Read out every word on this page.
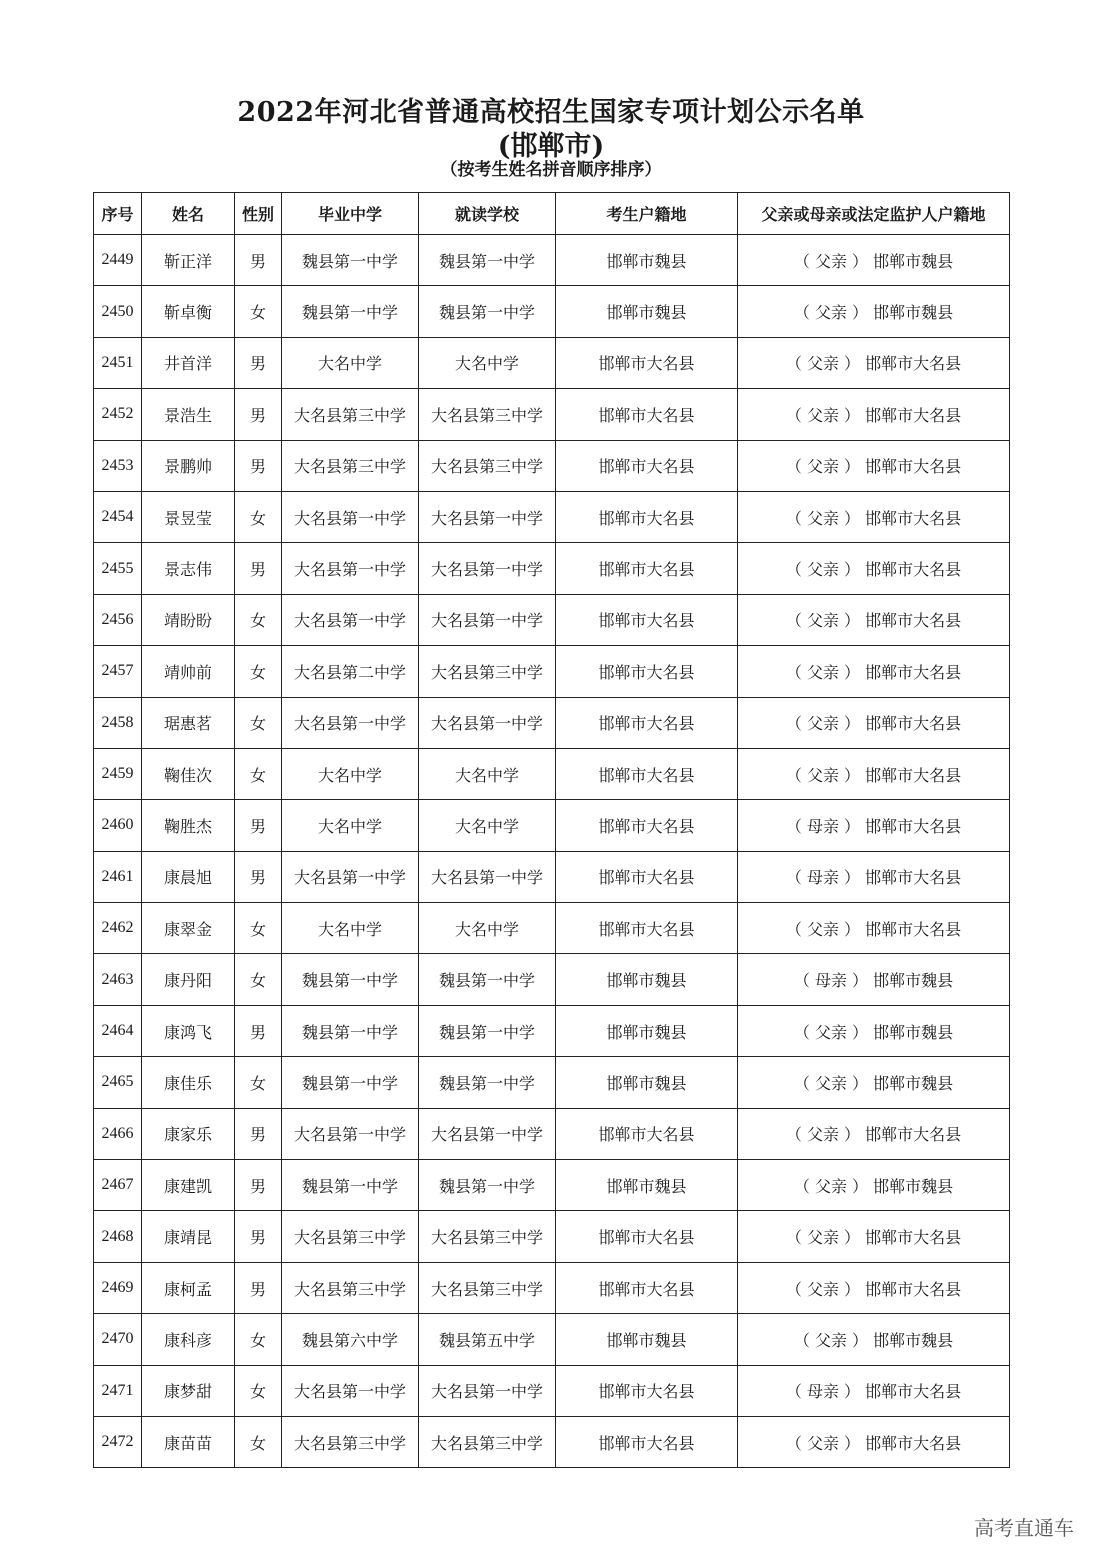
2022年河北省普通高校招生国家专项计划公示名单
(邯郸市)
（按考生姓名拼音顺序排序）
序号	姓名	性别	毕业中学	就读学校	考生户籍地	父亲或母亲或法定监护人户籍地
2449	靳正洋	男	魏县第一中学	魏县第一中学	邯郸市魏县	（ 父亲 ） 邯郸市魏县
2450	靳卓衡	女	魏县第一中学	魏县第一中学	邯郸市魏县	（ 父亲 ） 邯郸市魏县
2451	井首洋	男	大名中学	大名中学	邯郸市大名县	（ 父亲 ） 邯郸市大名县
2452	景浩生	男	大名县第三中学	大名县第三中学	邯郸市大名县	（ 父亲 ） 邯郸市大名县
2453	景鹏帅	男	大名县第三中学	大名县第三中学	邯郸市大名县	（ 父亲 ） 邯郸市大名县
2454	景昱莹	女	大名县第一中学	大名县第一中学	邯郸市大名县	（ 父亲 ） 邯郸市大名县
2455	景志伟	男	大名县第一中学	大名县第一中学	邯郸市大名县	（ 父亲 ） 邯郸市大名县
2456	靖盼盼	女	大名县第一中学	大名县第一中学	邯郸市大名县	（ 父亲 ） 邯郸市大名县
2457	靖帅前	女	大名县第二中学	大名县第三中学	邯郸市大名县	（ 父亲 ） 邯郸市大名县
2458	琚惠茗	女	大名县第一中学	大名县第一中学	邯郸市大名县	（ 父亲 ） 邯郸市大名县
2459	鞠佳次	女	大名中学	大名中学	邯郸市大名县	（ 父亲 ） 邯郸市大名县
2460	鞠胜杰	男	大名中学	大名中学	邯郸市大名县	（ 母亲 ） 邯郸市大名县
2461	康晨旭	男	大名县第一中学	大名县第一中学	邯郸市大名县	（ 母亲 ） 邯郸市大名县
2462	康翠金	女	大名中学	大名中学	邯郸市大名县	（ 父亲 ） 邯郸市大名县
2463	康丹阳	女	魏县第一中学	魏县第一中学	邯郸市魏县	（ 母亲 ） 邯郸市魏县
2464	康鸿飞	男	魏县第一中学	魏县第一中学	邯郸市魏县	（ 父亲 ） 邯郸市魏县
2465	康佳乐	女	魏县第一中学	魏县第一中学	邯郸市魏县	（ 父亲 ） 邯郸市魏县
2466	康家乐	男	大名县第一中学	大名县第一中学	邯郸市大名县	（ 父亲 ） 邯郸市大名县
2467	康建凯	男	魏县第一中学	魏县第一中学	邯郸市魏县	（ 父亲 ） 邯郸市魏县
2468	康靖昆	男	大名县第三中学	大名县第三中学	邯郸市大名县	（ 父亲 ） 邯郸市大名县
2469	康柯孟	男	大名县第三中学	大名县第三中学	邯郸市大名县	（ 父亲 ） 邯郸市大名县
2470	康科彦	女	魏县第六中学	魏县第五中学	邯郸市魏县	（ 父亲 ） 邯郸市魏县
2471	康梦甜	女	大名县第一中学	大名县第一中学	邯郸市大名县	（ 母亲 ） 邯郸市大名县
2472	康苗苗	女	大名县第三中学	大名县第三中学	邯郸市大名县	（ 父亲 ） 邯郸市大名县
高考直通车
